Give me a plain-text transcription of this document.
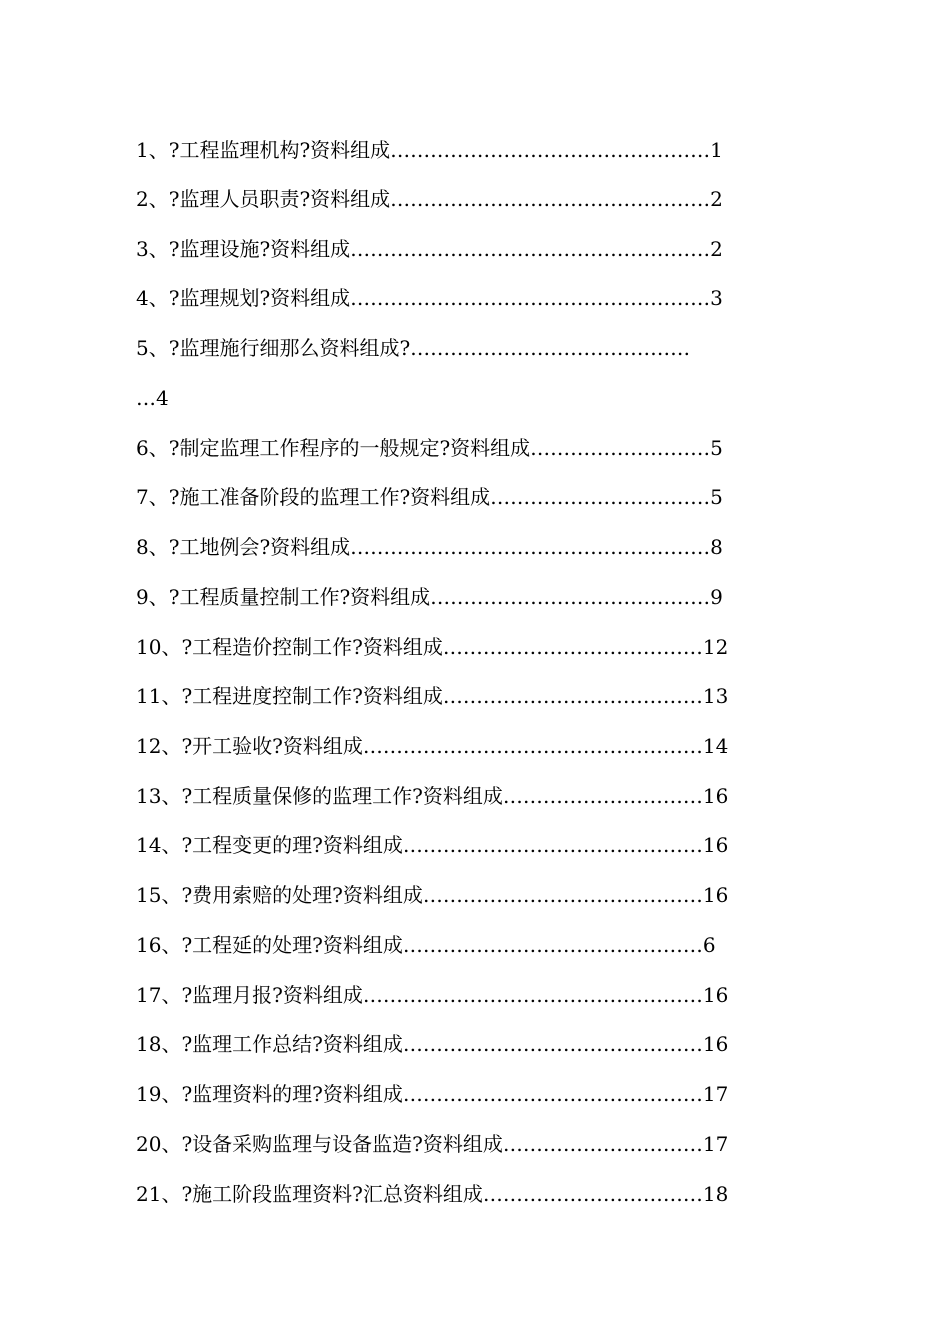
1、?工程监理机构?资料组成…………………………………………1

2、?监理人员职责?资料组成…………………………………………2

3、?监理设施?资料组成………………………………………………2

4、?监理规划?资料组成………………………………………………3

5、?监理施行细那么资料组成?……………………………………

…4

6、?制定监理工作程序的一般规定?资料组成………………………5

7、?施工准备阶段的监理工作?资料组成……………………………5

8、?工地例会?资料组成………………………………………………8

9、?工程质量控制工作?资料组成……………………………………9

10、?工程造价控制工作?资料组成…………………………………12

11、?工程进度控制工作?资料组成…………………………………13

12、?开工验收?资料组成……………………………………………14

13、?工程质量保修的监理工作?资料组成…………………………16

14、?工程变更的理?资料组成………………………………………16

15、?费用索赔的处理?资料组成……………………………………16

16、?工程延的处理?资料组成………………………………………6

17、?监理月报?资料组成……………………………………………16

18、?监理工作总结?资料组成………………………………………16

19、?监理资料的理?资料组成………………………………………17

20、?设备采购监理与设备监造?资料组成…………………………17

21、?施工阶段监理资料?汇总资料组成……………………………18
